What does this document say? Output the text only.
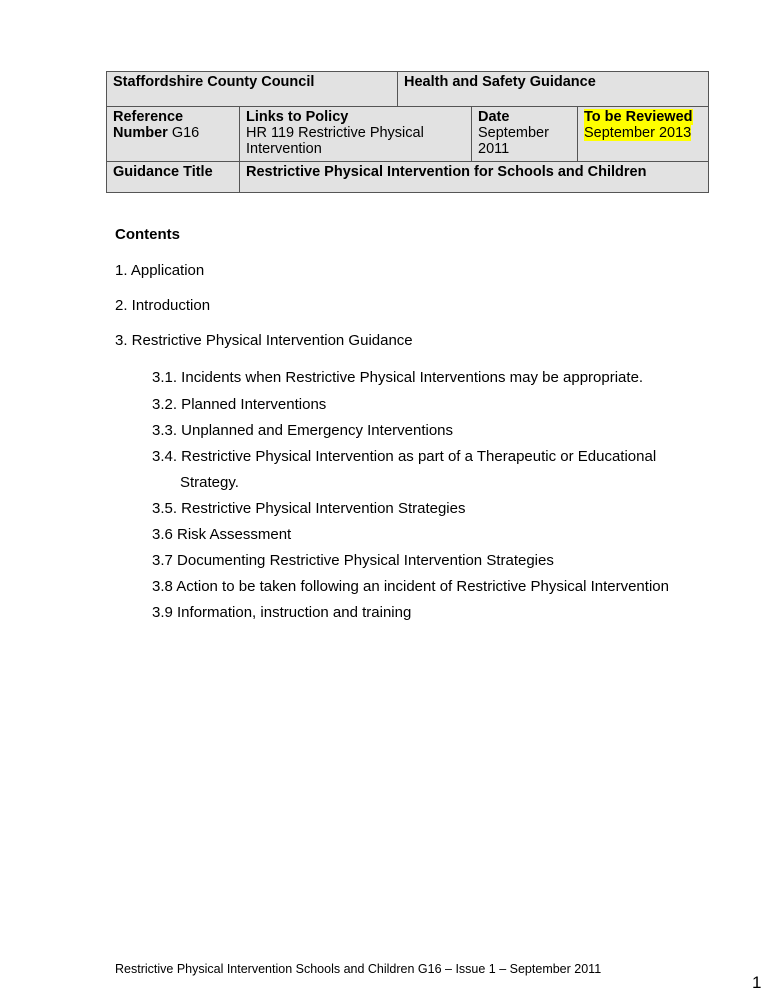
Staffordshire County Council	Health and Safety Guidance
Reference
Number G16
Links to Policy
HR 119 Restrictive Physical
Intervention
Date
September
2011
To be Reviewed
September 2013
Guidance Title	Restrictive Physical Intervention for Schools and Children
Contents
1. Application
2. Introduction
3. Restrictive Physical Intervention Guidance
3.1. Incidents when Restrictive Physical Interventions may be appropriate.
3.2. Planned Interventions
3.3. Unplanned and Emergency Interventions
3.4. Restrictive Physical Intervention as part of a Therapeutic or Educational
Strategy.
3.5. Restrictive Physical Intervention Strategies
3.6 Risk Assessment
3.7 Documenting Restrictive Physical Intervention Strategies
3.8 Action to be taken following an incident of Restrictive Physical Intervention
3.9 Information, instruction and training
Restrictive Physical Intervention Schools and Children G16 – Issue 1 – September 2011
1
